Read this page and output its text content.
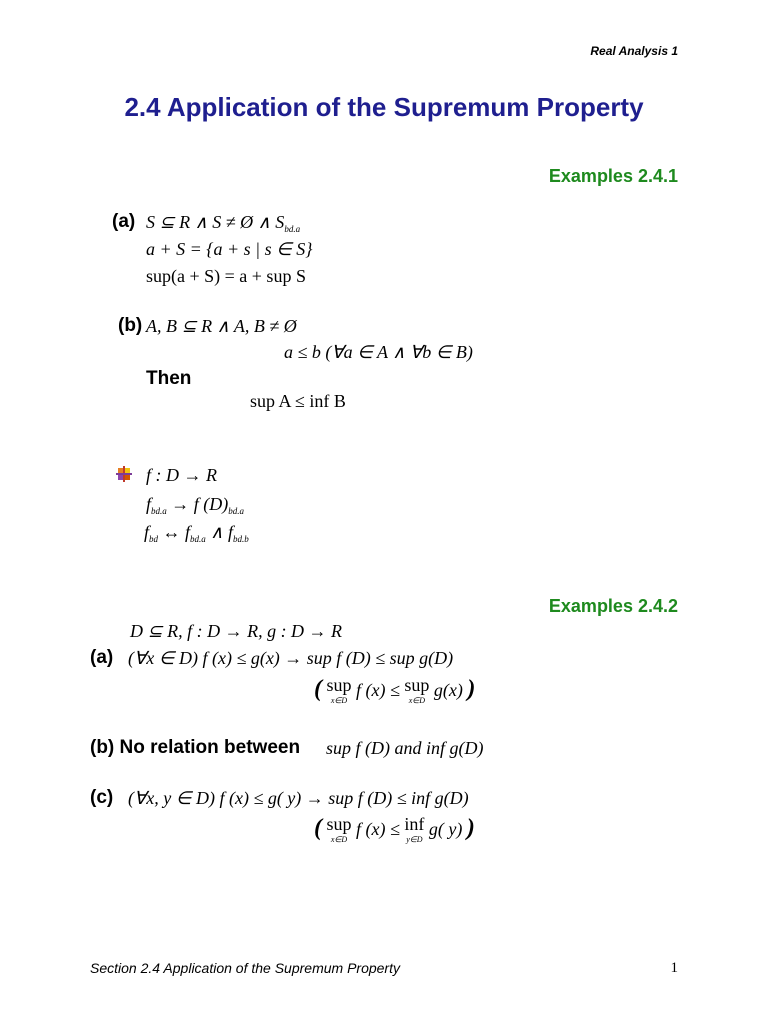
Real Analysis 1
2.4 Application of the Supremum Property
Examples 2.4.1
(a) S ⊆ R ∧ S ≠ Ø ∧ $S_{bd.a}$
a + S = {a + s | s ∈ S}
sup(a + S) = a + sup S
(b) A, B ⊆ R ∧ A, B ≠ Ø
a ≤ b (∀a ∈ A ∧ ∀b ∈ B)
Then
sup A ≤ inf B
f : D → R
$f_{bd.a} \to f$ $(D)_{bd.a}$
$f_{bd}$ ↔ $f_{bd.a}$ ∧ $f_{bd.b}$
Examples 2.4.2
D ⊆ R, f : D → R, g : D → R
(a) (∀x ∈ D) f (x) ≤ g(x) → sup f (D) ≤ sup g(D)
( sup
x∈D
f (x) ≤ sup
x∈D
g(x) )
(b) No relation between sup f (D) and inf g(D)
(c) (∀x, y ∈ D) f (x) ≤ g( y) → sup f (D) ≤ inf g(D)
( sup
x∈D
f (x) ≤ inf
y∈D
g( y) )
Section 2.4 Application of the Supremum Property	1
